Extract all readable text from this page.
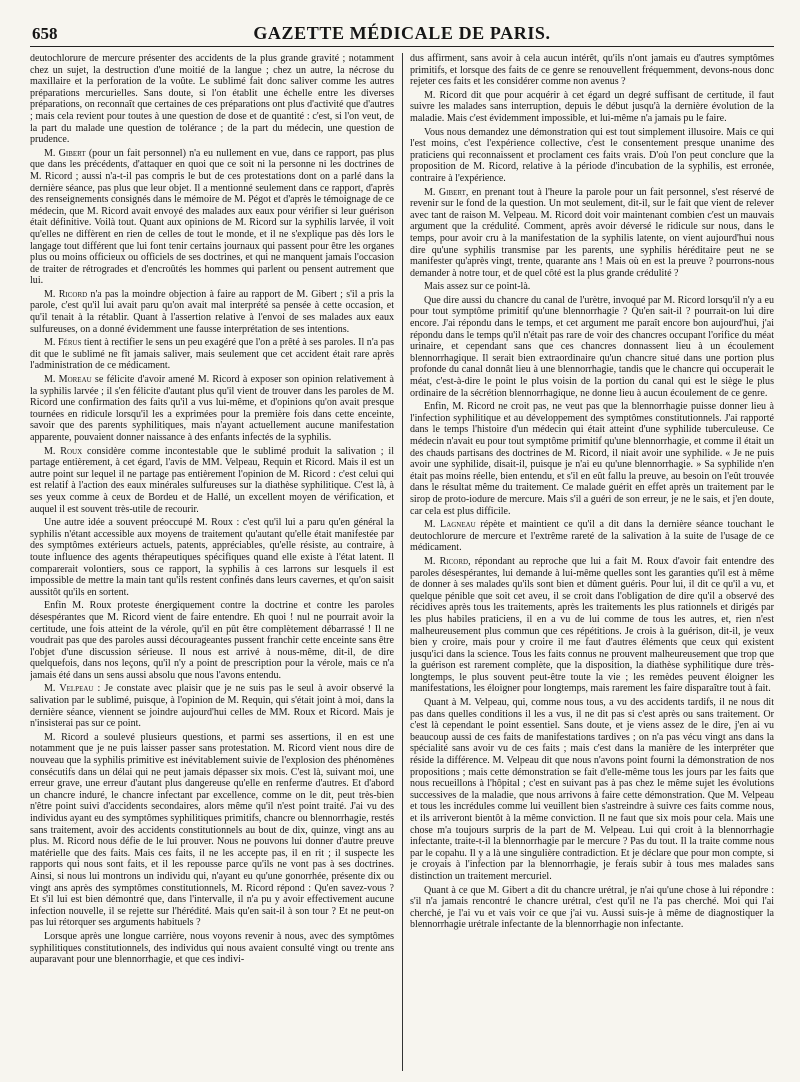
658	GAZETTE MÉDICALE DE PARIS.

deutochlorure de mercure présenter des accidents de la plus grande gravité ; notamment chez un sujet, la destruction d'une moitié de la langue ; chez un autre, la nécrose du maxillaire et la perforation de la voûte. Le sublimé fait donc saliver comme les autres préparations mercurielles. Sans doute, si l'on établit une échelle entre les diverses préparations, on reconnaît que certaines de ces préparations ont plus d'activité que d'autres ; mais cela revient pour toutes à une question de dose et de quantité : c'est, si l'on veut, de la part du malade une question de tolérance ; de la part du médecin, une question de prudence.

M. Gibert (pour un fait personnel) n'a eu nullement en vue, dans ce rapport, pas plus que dans les précédents, d'attaquer en quoi que ce soit ni la personne ni les doctrines de M. Ricord ; aussi n'a-t-il pas compris le but de ces protestations dont on a parlé dans la dernière séance, pas plus que leur objet. Il a mentionné seulement dans ce rapport, d'après des renseignements consignés dans le mémoire de M. Pégot et d'après le témoignage de ce médecin, que M. Ricord avait envoyé des malades aux eaux pour vérifier si leur guérison était définitive. Voilà tout. Quant aux opinions de M. Ricord sur la syphilis larvée, il voit qu'elles ne diffèrent en rien de celles de tout le monde, et il ne s'explique pas dès lors le langage tout différent que lui font tenir certains journaux qui passent pour être les organes plus ou moins officieux ou officiels de ses doctrines, et qui ne manquent jamais l'occasion de traiter de rétrogrades et d'encroûtés les hommes qui parlent ou pensent autrement que lui.

M. Ricord n'a pas la moindre objection à faire au rapport de M. Gibert ; s'il a pris la parole, c'est qu'il lui avait paru qu'on avait mal interprété sa pensée à cette occasion, et qu'il tenait à la rétablir. Quant à l'assertion relative à l'envoi de ses malades aux eaux sulfureuses, on a donné évidemment une fausse interprétation de ses intentions.

M. Férus tient à rectifier le sens un peu exagéré que l'on a prêté à ses paroles. Il n'a pas dit que le sublimé ne fît jamais saliver, mais seulement que cet accident était rare après l'administration de ce médicament.

M. Moreau se félicite d'avoir amené M. Ricord à exposer son opinion relativement à la syphilis larvée ; il s'en félicite d'autant plus qu'il vient de trouver dans les paroles de M. Ricord une confirmation des faits qu'il a vus lui-même, et d'opinions qu'on avait presque tournées en ridicule lorsqu'il les a exprimées pour la première fois dans cette enceinte, savoir que des parents syphilitiques, mais n'ayant actuellement aucune manifestation apparente, pouvaient donner naissance à des enfants infectés de la syphilis.

M. Roux considère comme incontestable que le sublimé produit la salivation ; il partage entièrement, à cet égard, l'avis de MM. Velpeau, Requin et Ricord. Mais il est un autre point sur lequel il ne partage pas entièrement l'opinion de M. Ricord : c'est celui qui est relatif à l'action des eaux minérales sulfureuses sur la diathèse syphilitique. C'est là, à ses yeux comme à ceux de Bordeu et de Hallé, un excellent moyen de vérification, et auquel il est souvent très-utile de recourir.

Une autre idée a souvent préoccupé M. Roux : c'est qu'il lui a paru qu'en général la syphilis n'étant accessible aux moyens de traitement qu'autant qu'elle était manifestée par des symptômes extérieurs actuels, patents, appréciables, qu'elle résiste, au contraire, à toute influence des agents thérapeutiques spécifiques quand elle existe à l'état latent. Il comparerait volontiers, sous ce rapport, la syphilis à ces larrons sur lesquels il est impossible de mettre la main tant qu'ils restent confinés dans leurs cavernes, et qu'on saisit aussitôt qu'ils en sortent.

Enfin M. Roux proteste énergiquement contre la doctrine et contre les paroles désespérantes que M. Ricord vient de faire entendre. Eh quoi ! nul ne pourrait avoir la certitude, une fois atteint de la vérole, qu'il en pût être complètement débarrassé ! Il ne voudrait pas que des paroles aussi décourageantes pussent franchir cette enceinte sans être l'objet d'une discussion sérieuse. Il nous est arrivé à nous-même, dit-il, de dire quelquefois, dans nos leçons, qu'il n'y a point de prescription pour la vérole, mais ce n'a jamais été dans un sens aussi absolu que nous l'avons entendu.

M. Velpeau : Je constate avec plaisir que je ne suis pas le seul à avoir observé la salivation par le sublimé, puisque, à l'opinion de M. Requin, qui s'était joint à moi, dans la dernière séance, viennent se joindre aujourd'hui celles de MM. Roux et Ricord. Mais je n'insisterai pas sur ce point.

M. Ricord a soulevé plusieurs questions, et parmi ses assertions, il en est une notamment que je ne puis laisser passer sans protestation. M. Ricord vient nous dire de nouveau que la syphilis primitive est inévitablement suivie de l'explosion des phénomènes consécutifs dans un délai qui ne peut jamais dépasser six mois. C'est là, suivant moi, une erreur grave, une erreur d'autant plus dangereuse qu'elle en renferme d'autres. Et d'abord un chancre induré, le chancre infectant par excellence, comme on le dit, peut très-bien n'être point suivi d'accidents secondaires, alors même qu'il n'est point traité. J'ai vu des individus ayant eu des symptômes syphilitiques primitifs, chancre ou blennorrhagie, restés sans traitement, avoir des accidents constitutionnels au bout de dix, quinze, vingt ans au plus. M. Ricord nous défie de le lui prouver. Nous ne pouvons lui donner d'autre preuve matérielle que des faits. Mais ces faits, il ne les accepte pas, il en rit ; il suspecte les rapports qui nous sont faits, et il les repousse parce qu'ils ne vont pas à ses doctrines. Ainsi, si nous lui montrons un individu qui, n'ayant eu qu'une gonorrhée, présente dix ou vingt ans après des symptômes constitutionnels, M. Ricord répond : Qu'en savez-vous ? Et s'il lui est bien démontré que, dans l'intervalle, il n'a pu y avoir effectivement aucune infection nouvelle, il se rejette sur l'hérédité. Mais qu'en sait-il à son tour ? Et ne peut-on pas lui rétorquer ses arguments habituels ?

Lorsque après une longue carrière, nous voyons revenir à nous, avec des symptômes syphilitiques constitutionnels, des individus qui nous avaient consulté vingt ou trente ans auparavant pour une blennorrhagie, et que ces indivi-

dus affirment, sans avoir à cela aucun intérêt, qu'ils n'ont jamais eu d'autres symptômes primitifs, et lorsque des faits de ce genre se renouvellent fréquemment, devons-nous donc rejeter ces faits et les considérer comme non avenus ?

M. Ricord dit que pour acquérir à cet égard un degré suffisant de certitude, il faut suivre les malades sans interruption, depuis le début jusqu'à la dernière évolution de la maladie. Mais c'est évidemment impossible, et lui-même n'a jamais pu le faire.

Vous nous demandez une démonstration qui est tout simplement illusoire. Mais ce qui l'est moins, c'est l'expérience collective, c'est le consentement presque unanime des praticiens qui reconnaissent et proclament ces faits vrais. D'où l'on peut conclure que la proposition de M. Ricord, relative à la période d'incubation de la syphilis, est erronée, contraire à l'expérience.

M. Gibert, en prenant tout à l'heure la parole pour un fait personnel, s'est réservé de revenir sur le fond de la question. Un mot seulement, dit-il, sur le fait que vient de relever avec tant de raison M. Velpeau. M. Ricord doit voir maintenant combien c'est un mauvais argument que la crédulité. Comment, après avoir déversé le ridicule sur nous, dans le temps, pour avoir cru à la manifestation de la syphilis latente, on vient aujourd'hui nous dire qu'une syphilis transmise par les parents, une syphilis héréditaire peut ne se manifester qu'après vingt, trente, quarante ans ! Mais où en est la preuve ? pourrons-nous demander à notre tour, et de quel côté est la plus grande crédulité ?

Mais assez sur ce point-là.

Que dire aussi du chancre du canal de l'urètre, invoqué par M. Ricord lorsqu'il n'y a eu pour tout symptôme primitif qu'une blennorrhagie ? Qu'en sait-il ? pourrait-on lui dire encore. J'ai répondu dans le temps, et cet argument me paraît encore bon aujourd'hui, j'ai répondu dans le temps qu'il n'était pas rare de voir des chancres occupant l'orifice du méat urinaire, et cependant sans que ces chancres donnassent lieu à un écoulement blennorrhagique. Il serait bien extraordinaire qu'un chancre situé dans une portion plus profonde du canal donnât lieu à une blennorrhagie, tandis que le chancre qui occuperait le méat, c'est-à-dire le point le plus voisin de la portion du canal qui est le siège le plus ordinaire de la sécrétion blennorrhagique, ne donne lieu à aucun écoulement de ce genre.

Enfin, M. Ricord ne croit pas, ne veut pas que la blennorrhagie puisse donner lieu à l'infection syphilitique et au développement des symptômes constitutionnels. J'ai rapporté dans le temps l'histoire d'un médecin qui était atteint d'une syphilide tuberculeuse. Ce médecin n'avait eu pour tout symptôme primitif qu'une blennorrhagie, et comme il était un des chauds partisans des doctrines de M. Ricord, il niait avoir une syphilide. « Je ne puis avoir une syphilide, disait-il, puisque je n'ai eu qu'une blennorrhagie. » Sa syphilide n'en était pas moins réelle, bien entendu, et s'il en eût fallu la preuve, au besoin on l'eût trouvée dans le résultat même du traitement. Ce malade guérit en effet après un traitement par le sirop de proto-iodure de mercure. Mais s'il a guéri de son erreur, je ne le sais, et j'en doute, car cela est plus difficile.

M. Lagneau répète et maintient ce qu'il a dit dans la dernière séance touchant le deutochlorure de mercure et l'extrême rareté de la salivation à la suite de l'usage de ce médicament.

M. Ricord, répondant au reproche que lui a fait M. Roux d'avoir fait entendre des paroles désespérantes, lui demande à lui-même quelles sont les garanties qu'il est à même de donner à ses malades qu'ils sont bien et dûment guéris. Pour lui, il dit ce qu'il a vu, et quelque pénible que soit cet aveu, il se croit dans l'obligation de dire qu'il a observé des récidives après tous les traitements, après les traitements les plus rationnels et dirigés par les plus habiles praticiens, il en a vu de lui comme de tous les autres, et, rien n'est malheureusement plus commun que ces répétitions. Je crois à la guérison, dit-il, je veux bien y croire, mais pour y croire il me faut d'autres éléments que ceux qui existent jusqu'ici dans la science. Tous les faits connus ne prouvent malheureusement que trop que la guérison est rarement complète, que la disposition, la diathèse syphilitique dure très-longtemps, le plus souvent peut-être toute la vie ; les remèdes peuvent éloigner les manifestations, les éloigner pour longtemps, mais rarement les faire disparaître tout à fait.

Quant à M. Velpeau, qui, comme nous tous, a vu des accidents tardifs, il ne nous dit pas dans quelles conditions il les a vus, il ne dit pas si c'est après ou sans traitement. Or c'est là cependant le point essentiel. Sans doute, et je viens assez de le dire, j'en ai vu beaucoup aussi de ces faits de manifestations tardives ; on n'a pas vécu vingt ans dans la spécialité sans avoir vu de ces faits ; mais c'est dans la manière de les interpréter que réside la différence. M. Velpeau dit que nous n'avons point fourni la démonstration de nos propositions ; mais cette démonstration se fait d'elle-même tous les jours par les faits que nous recueillons à l'hôpital ; c'est en suivant pas à pas chez le même sujet les évolutions successives de la maladie, que nous arrivons à faire cette démonstration. Que M. Velpeau et tous les incrédules comme lui veuillent bien s'astreindre à suivre ces faits comme nous, et ils arriveront bientôt à la même conviction. Il ne faut que six mois pour cela. Mais une chose m'a toujours surpris de la part de M. Velpeau. Lui qui croit à la blennorrhagie infectante, traite-t-il la blennorrhagie par le mercure ? Pas du tout. Il la traite comme nous par le copahu. Il y a là une singulière contradiction. Et je déclare que pour mon compte, si je croyais à l'infection par la blennorrhagie, je ferais subir à tous mes malades sans distinction un traitement mercuriel.

Quant à ce que M. Gibert a dit du chancre urétral, je n'ai qu'une chose à lui répondre : s'il n'a jamais rencontré le chancre urétral, c'est qu'il ne l'a pas cherché. Moi qui l'ai cherché, je l'ai vu et vais voir ce que j'ai vu. Aussi suis-je à même de diagnostiquer la blennorrhagie urétrale infectante de la blennorrhagie non infectante.
